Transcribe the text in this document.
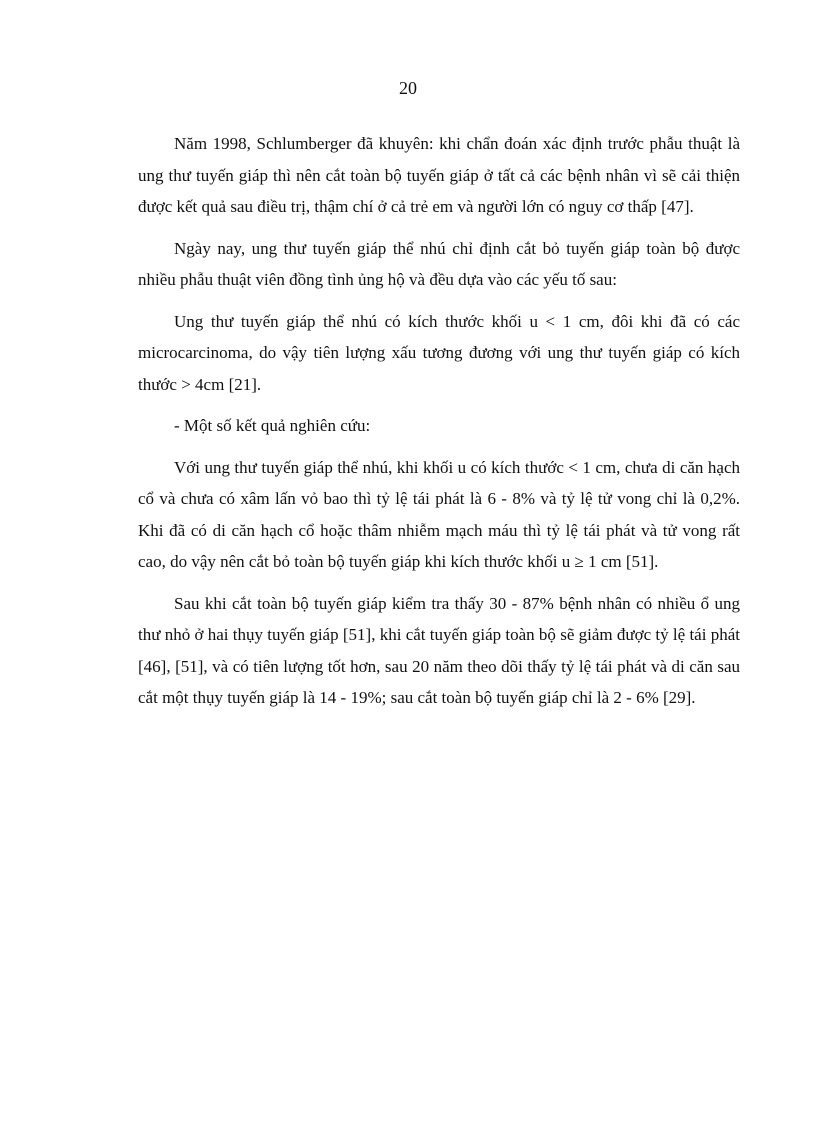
20

Năm 1998, Schlumberger đã khuyên: khi chẩn đoán xác định trước phẫu thuật là ung thư tuyến giáp thì nên cắt toàn bộ tuyến giáp ở tất cả các bệnh nhân vì sẽ cải thiện được kết quả sau điều trị, thậm chí ở cả trẻ em và người lớn có nguy cơ thấp [47].

Ngày nay, ung thư tuyến giáp thể nhú chỉ định cắt bỏ tuyến giáp toàn bộ được nhiều phẫu thuật viên đồng tình ủng hộ và đều dựa vào các yếu tố sau:

Ung thư tuyến giáp thể nhú có kích thước khối u < 1 cm, đôi khi đã có các microcarcinoma, do vậy tiên lượng xấu tương đương với ung thư tuyến giáp có kích thước > 4cm [21].

- Một số kết quả nghiên cứu:

Với ung thư tuyến giáp thể nhú, khi khối u có kích thước < 1 cm, chưa di căn hạch cổ và chưa có xâm lấn vỏ bao thì tỷ lệ tái phát là 6 - 8% và tỷ lệ tử vong chỉ là 0,2%. Khi đã có di căn hạch cổ hoặc thâm nhiễm mạch máu thì tỷ lệ tái phát và tử vong rất cao, do vậy nên cắt bỏ toàn bộ tuyến giáp khi kích thước khối u ≥ 1 cm [51].

Sau khi cắt toàn bộ tuyến giáp kiểm tra thấy 30 - 87% bệnh nhân có nhiều ổ ung thư nhỏ ở hai thụy tuyến giáp [51], khi cắt tuyến giáp toàn bộ sẽ giảm được tỷ lệ tái phát [46], [51], và có tiên lượng tốt hơn, sau 20 năm theo dõi thấy tỷ lệ tái phát và di căn sau cắt một thụy tuyến giáp là 14 - 19%; sau cắt toàn bộ tuyến giáp chỉ là 2 - 6% [29].
